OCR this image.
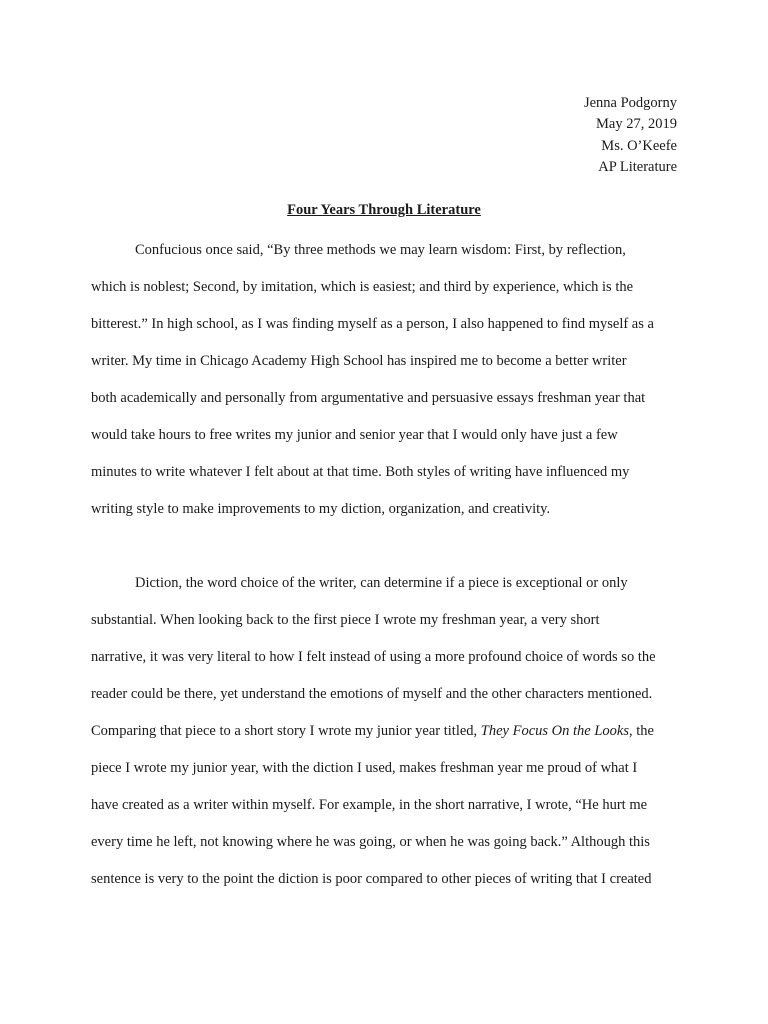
Jenna Podgorny
May 27, 2019
Ms. O’Keefe
AP Literature
Four Years Through Literature
Confucious once said, “By three methods we may learn wisdom: First, by reflection,
which is noblest; Second, by imitation, which is easiest; and third by experience, which is the
bitterest.” In high school, as I was finding myself as a person, I also happened to find myself as a
writer. My time in Chicago Academy High School has inspired me to become a better writer
both academically and personally from argumentative and persuasive essays freshman year that
would take hours to free writes my junior and senior year that I would only have just a few
minutes to write whatever I felt about at that time. Both styles of writing have influenced my
writing style to make improvements to my diction, organization, and creativity.
Diction, the word choice of the writer, can determine if a piece is exceptional or only
substantial. When looking back to the first piece I wrote my freshman year, a very short
narrative, it was very literal to how I felt instead of using a more profound choice of words so the
reader could be there, yet understand the emotions of myself and the other characters mentioned.
Comparing that piece to a short story I wrote my junior year titled, They Focus On the Looks, the
piece I wrote my junior year, with the diction I used, makes freshman year me proud of what I
have created as a writer within myself. For example, in the short narrative, I wrote, “He hurt me
every time he left, not knowing where he was going, or when he was going back.” Although this
sentence is very to the point the diction is poor compared to other pieces of writing that I created
